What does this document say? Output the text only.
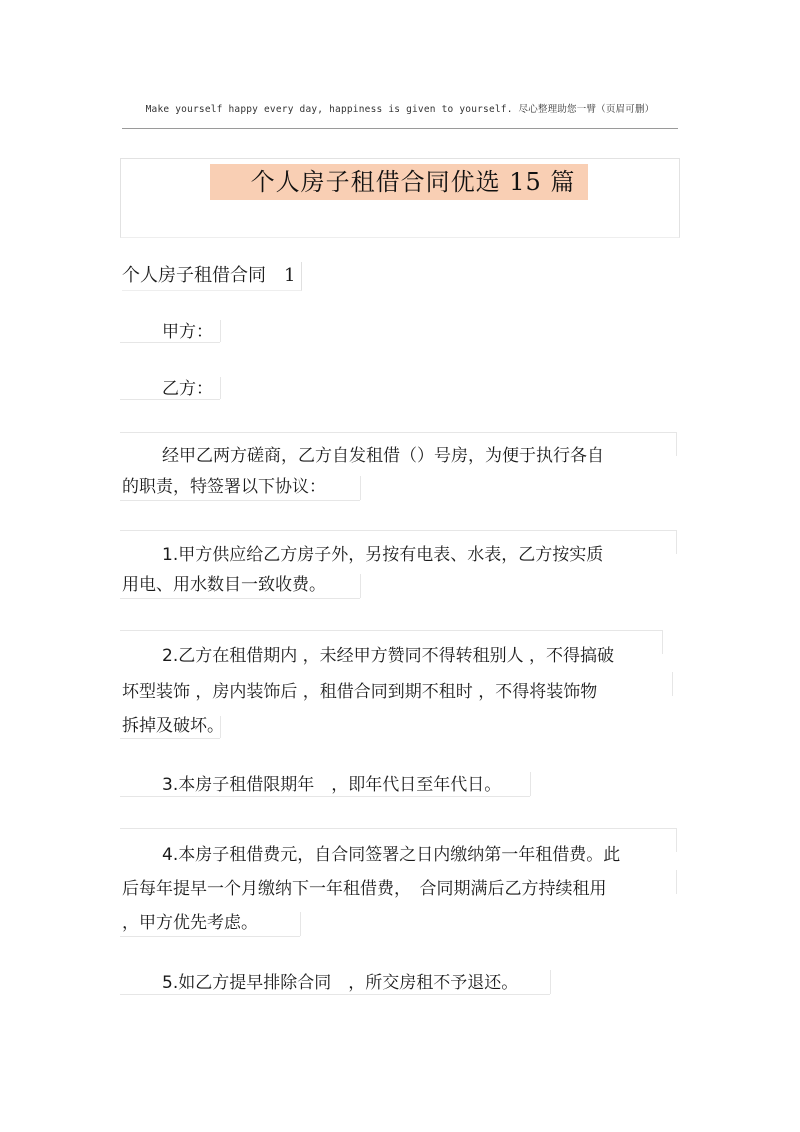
Make yourself happy every day, happiness is given to yourself. 尽心整理助您一臂（页眉可删）
个人房子租借合同优选 15 篇
个人房子租借合同　1
甲方：
乙方：
经甲乙两方磋商，乙方自发租借（）号房，为便于执行各自
的职责，特签署以下协议：
1.甲方供应给乙方房子外，另按有电表、水表，乙方按实质
用电、用水数目一致收费。
2.乙方在租借期内 ，未经甲方赞同不得转租别人 ，不得搞破
坏型装饰 ，房内装饰后 ，租借合同到期不租时 ，不得将装饰物
拆掉及破坏。
3.本房子租借限期年　，即年代日至年代日。
4.本房子租借费元，自合同签署之日内缴纳第一年租借费。此
后每年提早一个月缴纳下一年租借费，　合同期满后乙方持续租用
，甲方优先考虑。
5.如乙方提早排除合同　，所交房租不予退还。
